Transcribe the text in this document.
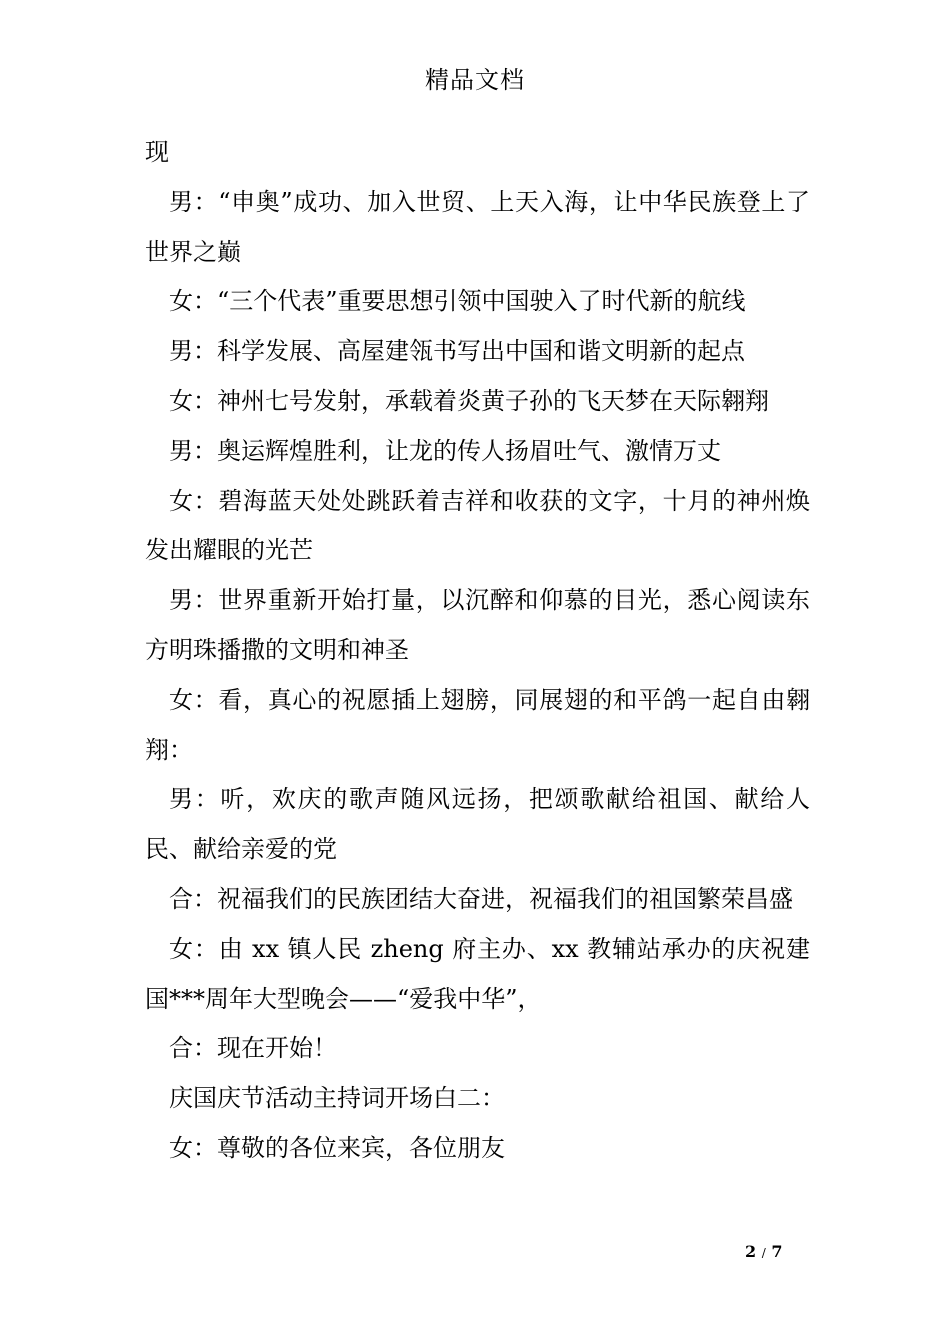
精品文档

现

男：“申奥”成功、加入世贸、上天入海，让中华民族登上了世界之巅

女：“三个代表”重要思想引领中国驶入了时代新的航线

男：科学发展、高屋建瓴书写出中国和谐文明新的起点

女：神州七号发射，承载着炎黄子孙的飞天梦在天际翱翔

男：奥运辉煌胜利，让龙的传人扬眉吐气、激情万丈

女：碧海蓝天处处跳跃着吉祥和收获的文字，十月的神州焕发出耀眼的光芒

男：世界重新开始打量，以沉醉和仰慕的目光，悉心阅读东方明珠播撒的文明和神圣

女：看，真心的祝愿插上翅膀，同展翅的和平鸽一起自由翱翔：

男：听，欢庆的歌声随风远扬，把颂歌献给祖国、献给人民、献给亲爱的党

合：祝福我们的民族团结大奋进，祝福我们的祖国繁荣昌盛

女：由 xx 镇人民 zheng 府主办、xx 教辅站承办的庆祝建国***周年大型晚会——“爱我中华”，

合：现在开始！

庆国庆节活动主持词开场白二：

女：尊敬的各位来宾，各位朋友

2 / 7
